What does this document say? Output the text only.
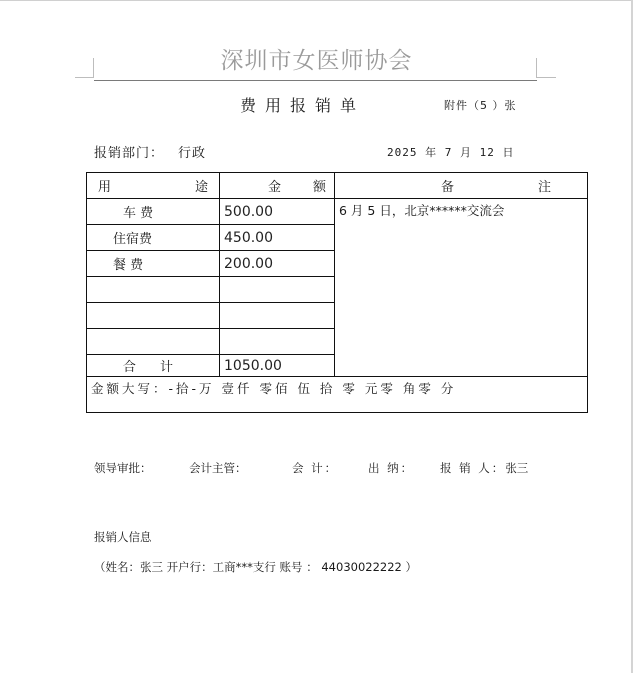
深圳市女医师协会
费用报销单	附件（5 ）张
报销部门： 行政	2025 年 7 月 12 日
用途	金额	备注
车 费	500.00	6 月 5 日，北京******交流会
住宿费	450.00	
餐 费	200.00	

合 计	1050.00	
金额大写：-拾-万 壹仟 零佰 伍 拾 零 元零 角零 分		
领导审批：	会计主管：	会 计：	出 纳： 报 销 人：张三
报销人信息
（姓名：张三 开户行：工商***支行 账号 ： 44030022222 ）
